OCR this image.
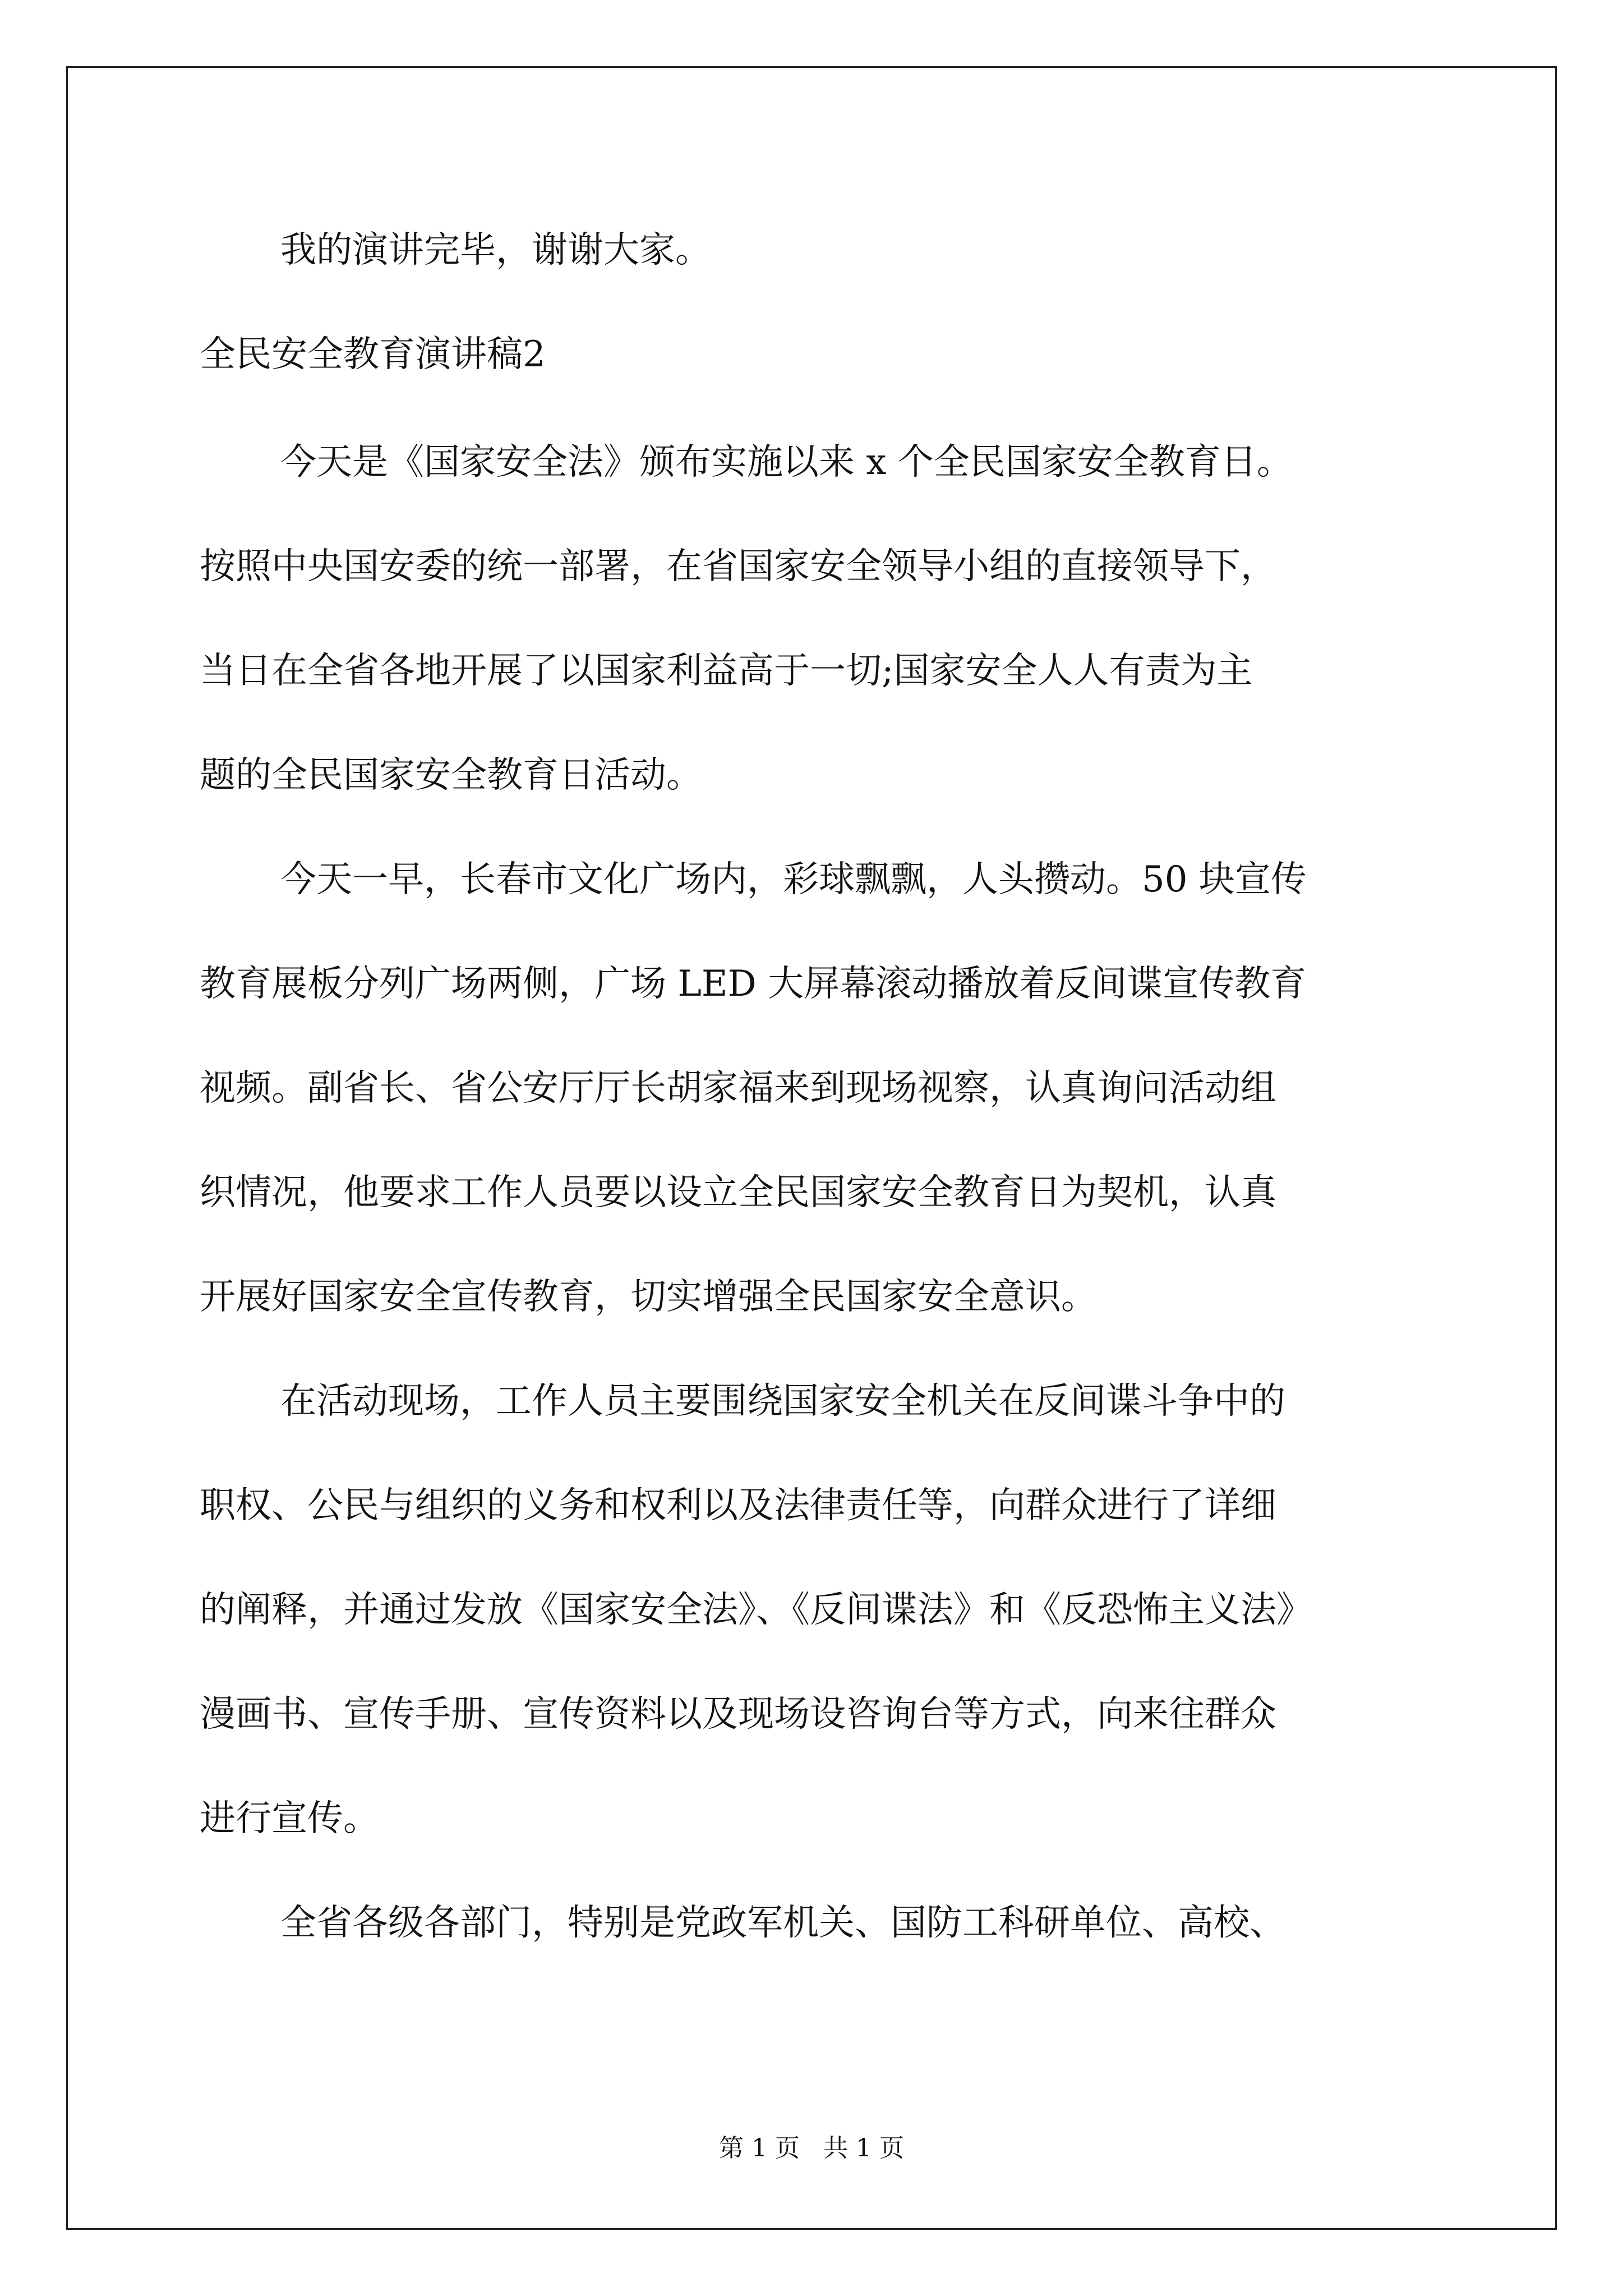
我的演讲完毕，谢谢大家。
全民安全教育演讲稿2
今天是《国家安全法》颁布实施以来 x 个全民国家安全教育日。
按照中央国安委的统一部署，在省国家安全领导小组的直接领导下，
当日在全省各地开展了以国家利益高于一切;国家安全人人有责为主
题的全民国家安全教育日活动。
今天一早，长春市文化广场内，彩球飘飘，人头攒动。50 块宣传
教育展板分列广场两侧，广场 LED 大屏幕滚动播放着反间谍宣传教育
视频。副省长、省公安厅厅长胡家福来到现场视察，认真询问活动组
织情况，他要求工作人员要以设立全民国家安全教育日为契机，认真
开展好国家安全宣传教育，切实增强全民国家安全意识。
在活动现场，工作人员主要围绕国家安全机关在反间谍斗争中的
职权、公民与组织的义务和权利以及法律责任等，向群众进行了详细
的阐释，并通过发放《国家安全法》、《反间谍法》和《反恐怖主义法》
漫画书、宣传手册、宣传资料以及现场设咨询台等方式，向来往群众
进行宣传。
全省各级各部门，特别是党政军机关、国防工科研单位、高校、
第 1 页   共 1 页
